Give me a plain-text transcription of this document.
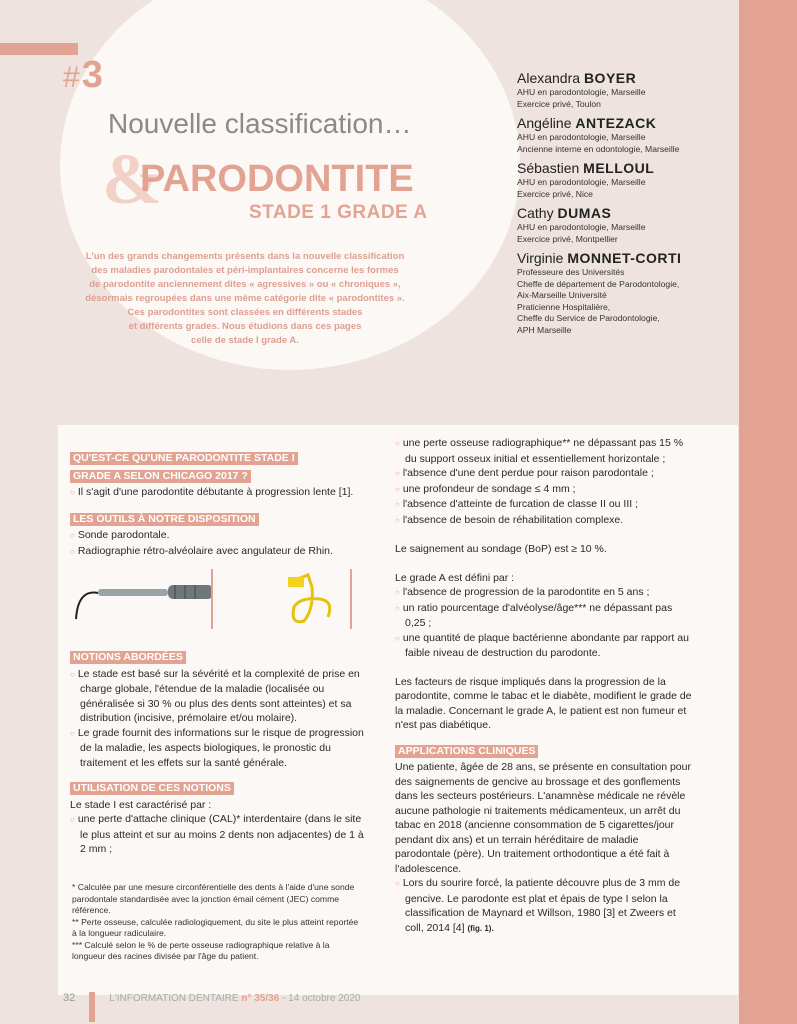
#3
Nouvelle classification…
&
PARODONTITE
STADE 1 GRADE A
L'un des grands changements présents dans la nouvelle classification
des maladies parodontales et péri-implantaires concerne les formes
de parodontite anciennement dites « agressives » ou « chroniques »,
désormais regroupées dans une même catégorie dite « parodontites ».
Ces parodontites sont classées en différents stades
et différents grades. Nous étudions dans ces pages
celle de stade I grade A.
Alexandra BOYER
AHU en parodontologie, Marseille
Exercice privé, Toulon
Angéline ANTEZACK
AHU en parodontologie, Marseille
Ancienne interne en odontologie, Marseille
Sébastien MELLOUL
AHU en parodontologie, Marseille
Exercice privé, Nice
Cathy DUMAS
AHU en parodontologie, Marseille
Exercice privé, Montpellier
Virginie MONNET-CORTI
Professeure des Universités
Cheffe de département de Parodontologie,
Aix-Marseille Université
Praticienne Hospitalière,
Cheffe du Service de Parodontologie,
APH Marseille
QU'EST-CE QU'UNE PARODONTITE STADE I
GRADE A SELON CHICAGO 2017 ?

○ Il s'agit d'une parodontite débutante à progression lente [1].

LES OUTILS À NOTRE DISPOSITION

○ Sonde parodontale.

○ Radiographie rétro-alvéolaire avec angulateur de Rhin.

NOTIONS ABORDÉES

○ Le stade est basé sur la sévérité et la complexité de prise en charge globale, l'étendue de la maladie (localisée ou généralisée si 30 % ou plus des dents sont atteintes) et sa distribution (incisive, prémolaire et/ou molaire).

○ Le grade fournit des informations sur le risque de progression de la maladie, les aspects biologiques, le pronostic du traitement et les effets sur la santé générale.

UTILISATION DE CES NOTIONS

Le stade I est caractérisé par :

○ une perte d'attache clinique (CAL)* interdentaire (dans le site le plus atteint et sur au moins 2 dents non adjacentes) de 1 à 2 mm ;

* Calculée par une mesure circonférentielle des dents à l'aide d'une sonde parodontale standardisée avec la jonction émail cément (JEC) comme référence.

** Perte osseuse, calculée radiologiquement, du site le plus atteint reportée à la longueur radiculaire.

*** Calculé selon le % de perte osseuse radiographique relative à la longueur des racines divisée par l'âge du patient.

○ une perte osseuse radiographique** ne dépassant pas 15 % du support osseux initial et essentiellement horizontale ;

○ l'absence d'une dent perdue pour raison parodontale ;

○ une profondeur de sondage ≤ 4 mm ;

○ l'absence d'atteinte de furcation de classe II ou III ;

○ l'absence de besoin de réhabilitation complexe.

Le saignement au sondage (BoP) est ≥ 10 %.

Le grade A est défini par :

○ l'absence de progression de la parodontite en 5 ans ;

○ un ratio pourcentage d'alvéolyse/âge*** ne dépassant pas 0,25 ;

○ une quantité de plaque bactérienne abondante par rapport au faible niveau de destruction du parodonte.

Les facteurs de risque impliqués dans la progression de la parodontite, comme le tabac et le diabète, modifient le grade de la maladie. Concernant le grade A, le patient est non fumeur et n'est pas diabétique.

APPLICATIONS CLINIQUES

Une patiente, âgée de 28 ans, se présente en consultation pour des saignements de gencive au brossage et des gonflements dans les secteurs postérieurs. L'anamnèse médicale ne révèle aucune pathologie ni traitements médicamenteux, un arrêt du tabac en 2018 (ancienne consommation de 5 cigarettes/jour pendant dix ans) et un terrain héréditaire de maladie parodontale (père). Un traitement orthodontique a été fait à l'adolescence.

○ Lors du sourire forcé, la patiente découvre plus de 3 mm de gencive. Le parodonte est plat et épais de type I selon la classification de Maynard et Willson, 1980 [3] et Zweers et coll, 2014 [4] (fig. 1).

32	L'INFORMATION DENTAIRE n° 35/36 - 14 octobre 2020
